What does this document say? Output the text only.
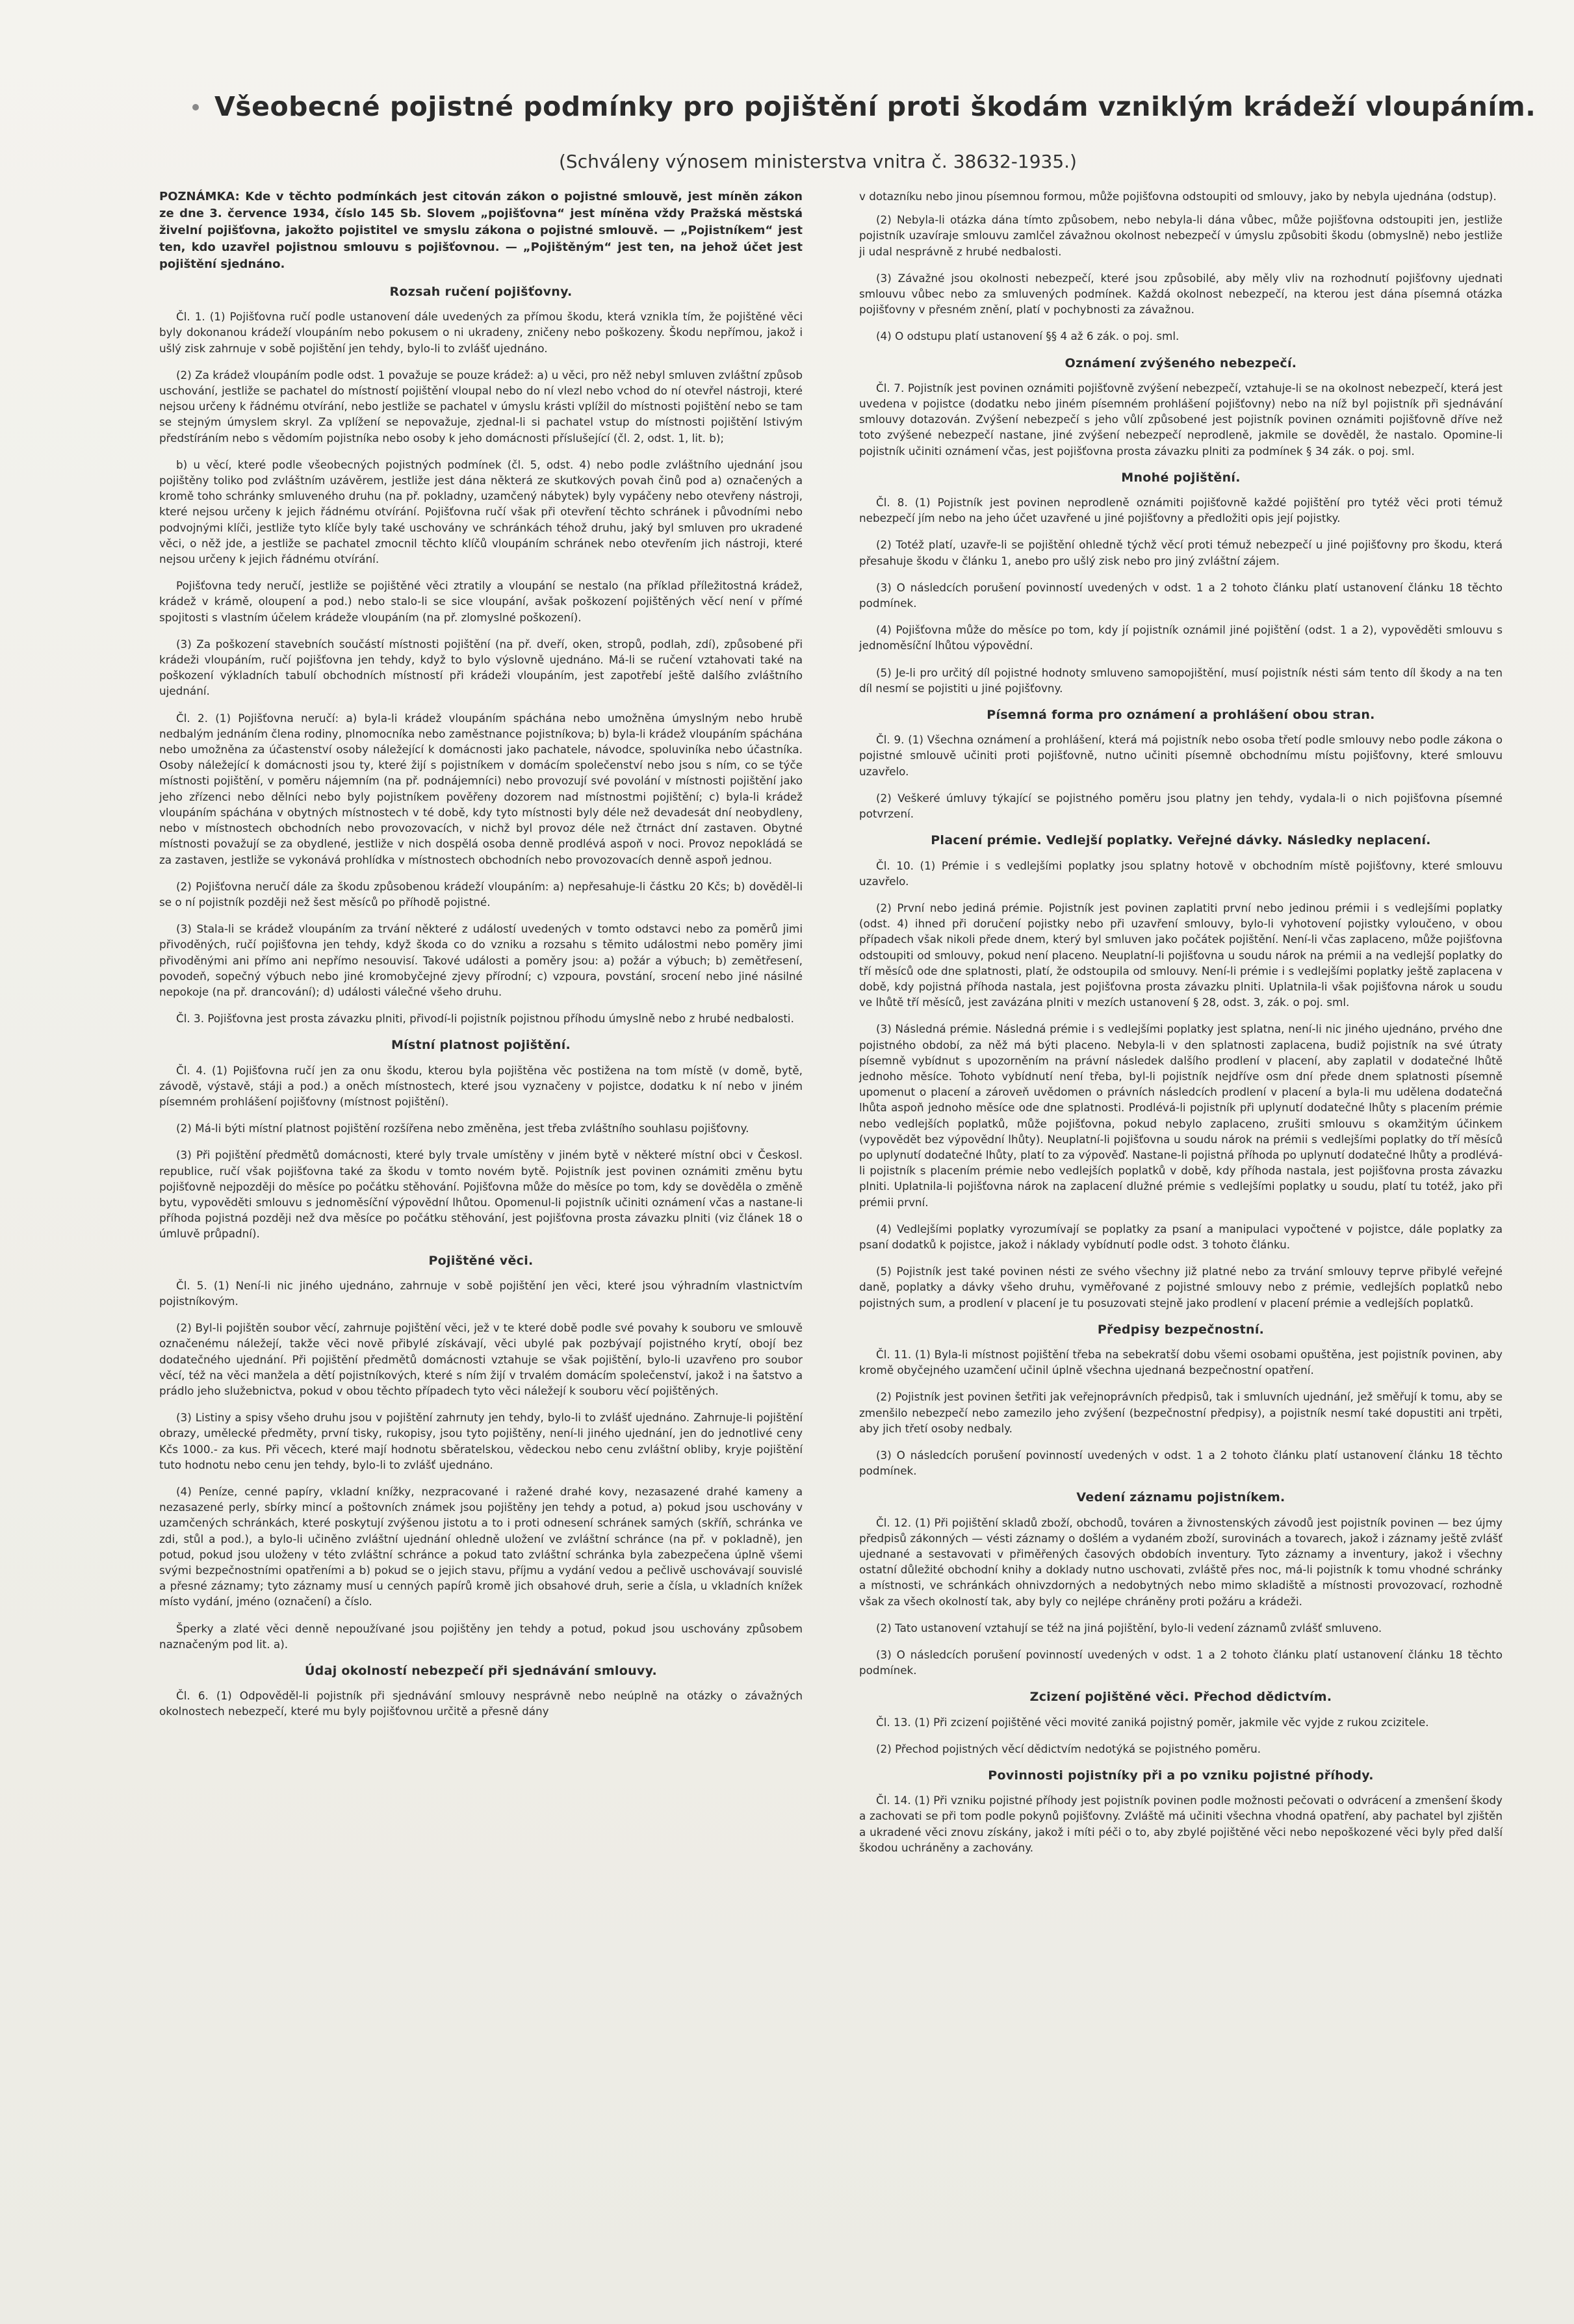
Všeobecné pojistné podmínky pro pojištění proti škodám vzniklým krádeží vloupáním.
(Schváleny výnosem ministerstva vnitra č. 38632-1935.)

POZNÁMKA: Kde v těchto podmínkách jest citován zákon o pojistné smlouvě, jest míněn zákon ze dne 3. července 1934, číslo 145 Sb. Slovem „pojišťovna“ jest míněna vždy Pražská městská živelní pojišťovna, jakožto pojistitel ve smyslu zákona o pojistné smlouvě. — „Pojistníkem“ jest ten, kdo uzavřel pojistnou smlouvu s pojišťovnou. — „Pojištěným“ jest ten, na jehož účet jest pojištění sjednáno.

Rozsah ručení pojišťovny.

Čl. 1. (1) Pojišťovna ručí podle ustanovení dále uvedených za přímou škodu, která vznikla tím, že pojištěné věci byly dokonanou krádeží vloupáním nebo pokusem o ni ukradeny, zničeny nebo poškozeny. Škodu nepřímou, jakož i ušlý zisk zahrnuje v sobě pojištění jen tehdy, bylo-li to zvlášť ujednáno.

(2) Za krádež vloupáním podle odst. 1 považuje se pouze krádež: a) u věci, pro něž nebyl smluven zvláštní způsob uschování, jestliže se pachatel do místností pojištění vloupal nebo do ní vlezl nebo vchod do ní otevřel nástroji, které nejsou určeny k řádnému otvírání, nebo jestliže se pachatel v úmyslu krásti vplížil do místnosti pojištění nebo se tam se stejným úmyslem skryl. Za vplížení se nepovažuje, zjednal-li si pachatel vstup do místnosti pojištění lstivým předstíráním nebo s vědomím pojistníka nebo osoby k jeho domácnosti příslušející (čl. 2, odst. 1, lit. b);

b) u věcí, které podle všeobecných pojistných podmínek (čl. 5, odst. 4) nebo podle zvláštního ujednání jsou pojištěny toliko pod zvláštním uzávěrem, jestliže jest dána některá ze skutkových povah činů pod a) označených a kromě toho schránky smluveného druhu (na př. pokladny, uzamčený nábytek) byly vypáčeny nebo otevřeny nástroji, které nejsou určeny k jejich řádnému otvírání. Pojišťovna ručí však při otevření těchto schránek i původními nebo podvojnými klíči, jestliže tyto klíče byly také uschovány ve schránkách téhož druhu, jaký byl smluven pro ukradené věci, o něž jde, a jestliže se pachatel zmocnil těchto klíčů vloupáním schránek nebo otevřením jich nástroji, které nejsou určeny k jejich řádnému otvírání.

Pojišťovna tedy neručí, jestliže se pojištěné věci ztratily a vloupání se nestalo (na příklad příležitostná krádež, krádež v krámě, oloupení a pod.) nebo stalo-li se sice vloupání, avšak poškození pojištěných věcí není v přímé spojitosti s vlastním účelem krádeže vloupáním (na př. zlomyslné poškození).

(3) Za poškození stavebních součástí místnosti pojištění (na př. dveří, oken, stropů, podlah, zdí), způsobené při krádeži vloupáním, ručí pojišťovna jen tehdy, když to bylo výslovně ujednáno. Má-li se ručení vztahovati také na poškození výkladních tabulí obchodních místností při krádeži vloupáním, jest zapotřebí ještě dalšího zvláštního ujednání.

Čl. 2. (1) Pojišťovna neručí: a) byla-li krádež vloupáním spáchána nebo umožněna úmyslným nebo hrubě nedbalým jednáním člena rodiny, plnomocníka nebo zaměstnance pojistníkova; b) byla-li krádež vloupáním spáchána nebo umožněna za účastenství osoby náležející k domácnosti jako pachatele, návodce, spoluviníka nebo účastníka. Osoby náležející k domácnosti jsou ty, které žijí s pojistníkem v domácím společenství nebo jsou s ním, co se týče místnosti pojištění, v poměru nájemním (na př. podnájemníci) nebo provozují své povolání v místnosti pojištění jako jeho zřízenci nebo dělníci nebo byly pojistníkem pověřeny dozorem nad místnostmi pojištění; c) byla-li krádež vloupáním spáchána v obytných místnostech v té době, kdy tyto místnosti byly déle než devadesát dní neobydleny, nebo v místnostech obchodních nebo provozovacích, v nichž byl provoz déle než čtrnáct dní zastaven. Obytné místnosti považují se za obydlené, jestliže v nich dospělá osoba denně prodlévá aspoň v noci. Provoz nepokládá se za zastaven, jestliže se vykonává prohlídka v místnostech obchodních nebo provozovacích denně aspoň jednou.

(2) Pojišťovna neručí dále za škodu způsobenou krádeží vloupáním: a) nepřesahuje-li částku 20 Kčs; b) dověděl-li se o ní pojistník později než šest měsíců po příhodě pojistné.

(3) Stala-li se krádež vloupáním za trvání některé z událostí uvedených v tomto odstavci nebo za poměrů jimi přivoděných, ručí pojišťovna jen tehdy, když škoda co do vzniku a rozsahu s těmito událostmi nebo poměry jimi přivoděnými ani přímo ani nepřímo nesouvisí. Takové události a poměry jsou: a) požár a výbuch; b) zemětřesení, povodeň, sopečný výbuch nebo jiné kromobyčejné zjevy přírodní; c) vzpoura, povstání, srocení nebo jiné násilné nepokoje (na př. drancování); d) události válečné všeho druhu.

Čl. 3. Pojišťovna jest prosta závazku plniti, přivodí-li pojistník pojistnou příhodu úmyslně nebo z hrubé nedbalosti.

Místní platnost pojištění.

Čl. 4. (1) Pojišťovna ručí jen za onu škodu, kterou byla pojištěna věc postižena na tom místě (v domě, bytě, závodě, výstavě, stáji a pod.) a oněch místnostech, které jsou vyznačeny v pojistce, dodatku k ní nebo v jiném písemném prohlášení pojišťovny (místnost pojištění).

(2) Má-li býti místní platnost pojištění rozšířena nebo změněna, jest třeba zvláštního souhlasu pojišťovny.

(3) Při pojištění předmětů domácnosti, které byly trvale umístěny v jiném bytě v některé místní obci v Českosl. republice, ručí však pojišťovna také za škodu v tomto novém bytě. Pojistník jest povinen oznámiti změnu bytu pojišťovně nejpozději do měsíce po počátku stěhování. Pojišťovna může do měsíce po tom, kdy se dověděla o změně bytu, vypověděti smlouvu s jednoměsíční výpovědní lhůtou. Opomenul-li pojistník učiniti oznámení včas a nastane-li příhoda pojistná později než dva měsíce po počátku stěhování, jest pojišťovna prosta závazku plniti (viz článek 18 o úmluvě průpadní).

Pojištěné věci.

Čl. 5. (1) Není-li nic jiného ujednáno, zahrnuje v sobě pojištění jen věci, které jsou výhradním vlastnictvím pojistníkovým.

(2) Byl-li pojištěn soubor věcí, zahrnuje pojištění věci, jež v te které době podle své povahy k souboru ve smlouvě označenému náležejí, takže věci nově přibylé získávají, věci ubylé pak pozbývají pojistného krytí, obojí bez dodatečného ujednání. Při pojištění předmětů domácnosti vztahuje se však pojištění, bylo-li uzavřeno pro soubor věcí, též na věci manžela a dětí pojistníkových, které s ním žijí v trvalém domácím společenství, jakož i na šatstvo a prádlo jeho služebnictva, pokud v obou těchto případech tyto věci náležejí k souboru věcí pojištěných.

(3) Listiny a spisy všeho druhu jsou v pojištění zahrnuty jen tehdy, bylo-li to zvlášť ujednáno. Zahrnuje-li pojištění obrazy, umělecké předměty, první tisky, rukopisy, jsou tyto pojištěny, není-li jiného ujednání, jen do jednotlivé ceny Kčs 1000.- za kus. Při věcech, které mají hodnotu sběratelskou, vědeckou nebo cenu zvláštní obliby, kryje pojištění tuto hodnotu nebo cenu jen tehdy, bylo-li to zvlášť ujednáno.

(4) Peníze, cenné papíry, vkladní knížky, nezpracované i ražené drahé kovy, nezasazené drahé kameny a nezasazené perly, sbírky mincí a poštovních známek jsou pojištěny jen tehdy a potud, a) pokud jsou uschovány v uzamčených schránkách, které poskytují zvýšenou jistotu a to i proti odnesení schránek samých (skříň, schránka ve zdi, stůl a pod.), a bylo-li učiněno zvláštní ujednání ohledně uložení ve zvláštní schránce (na př. v pokladně), jen potud, pokud jsou uloženy v této zvláštní schránce a pokud tato zvláštní schránka byla zabezpečena úplně všemi svými bezpečnostními opatřeními a b) pokud se o jejich stavu, příjmu a vydání vedou a pečlivě uschovávají souvislé a přesné záznamy; tyto záznamy musí u cenných papírů kromě jich obsahové druh, serie a čísla, u vkladních knížek místo vydání, jméno (označení) a číslo.

Šperky a zlaté věci denně nepoužívané jsou pojištěny jen tehdy a potud, pokud jsou uschovány způsobem naznačeným pod lit. a).

Údaj okolností nebezpečí při sjednávání smlouvy.

Čl. 6. (1) Odpověděl-li pojistník při sjednávání smlouvy nesprávně nebo neúplně na otázky o závažných okolnostech nebezpečí, které mu byly pojišťovnou určitě a přesně dány

v dotazníku nebo jinou písemnou formou, může pojišťovna odstoupiti od smlouvy, jako by nebyla ujednána (odstup).

(2) Nebyla-li otázka dána tímto způsobem, nebo nebyla-li dána vůbec, může pojišťovna odstoupiti jen, jestliže pojistník uzavíraje smlouvu zamlčel závažnou okolnost nebezpečí v úmyslu způsobiti škodu (obmyslně) nebo jestliže ji udal nesprávně z hrubé nedbalosti.

(3) Závažné jsou okolnosti nebezpečí, které jsou způsobilé, aby měly vliv na rozhodnutí pojišťovny ujednati smlouvu vůbec nebo za smluvených podmínek. Každá okolnost nebezpečí, na kterou jest dána písemná otázka pojišťovny v přesném znění, platí v pochybnosti za závažnou.

(4) O odstupu platí ustanovení §§ 4 až 6 zák. o poj. sml.

Oznámení zvýšeného nebezpečí.

Čl. 7. Pojistník jest povinen oznámiti pojišťovně zvýšení nebezpečí, vztahuje-li se na okolnost nebezpečí, která jest uvedena v pojistce (dodatku nebo jiném písemném prohlášení pojišťovny) nebo na níž byl pojistník při sjednávání smlouvy dotazován. Zvýšení nebezpečí s jeho vůlí způsobené jest pojistník povinen oznámiti pojišťovně dříve než toto zvýšené nebezpečí nastane, jiné zvýšení nebezpečí neprodleně, jakmile se dověděl, že nastalo. Opomine-li pojistník učiniti oznámení včas, jest pojišťovna prosta závazku plniti za podmínek § 34 zák. o poj. sml.

Mnohé pojištění.

Čl. 8. (1) Pojistník jest povinen neprodleně oznámiti pojišťovně každé pojištění pro tytéž věci proti témuž nebezpečí jím nebo na jeho účet uzavřené u jiné pojišťovny a předložiti opis její pojistky.

(2) Totéž platí, uzavře-li se pojištění ohledně týchž věcí proti témuž nebezpečí u jiné pojišťovny pro škodu, která přesahuje škodu v článku 1, anebo pro ušlý zisk nebo pro jiný zvláštní zájem.

(3) O následcích porušení povinností uvedených v odst. 1 a 2 tohoto článku platí ustanovení článku 18 těchto podmínek.

(4) Pojišťovna může do měsíce po tom, kdy jí pojistník oznámil jiné pojištění (odst. 1 a 2), vypověděti smlouvu s jednoměsíční lhůtou výpovědní.

(5) Je-li pro určitý díl pojistné hodnoty smluveno samopojištění, musí pojistník nésti sám tento díl škody a na ten díl nesmí se pojistiti u jiné pojišťovny.

Písemná forma pro oznámení a prohlášení obou stran.

Čl. 9. (1) Všechna oznámení a prohlášení, která má pojistník nebo osoba třetí podle smlouvy nebo podle zákona o pojistné smlouvě učiniti proti pojišťovně, nutno učiniti písemně obchodnímu místu pojišťovny, které smlouvu uzavřelo.

(2) Veškeré úmluvy týkající se pojistného poměru jsou platny jen tehdy, vydala-li o nich pojišťovna písemné potvrzení.

Placení prémie. Vedlejší poplatky. Veřejné dávky. Následky neplacení.

Čl. 10. (1) Prémie i s vedlejšími poplatky jsou splatny hotově v obchodním místě pojišťovny, které smlouvu uzavřelo.

(2) První nebo jediná prémie. Pojistník jest povinen zaplatiti první nebo jedinou prémii i s vedlejšími poplatky (odst. 4) ihned při doručení pojistky nebo při uzavření smlouvy, bylo-li vyhotovení pojistky vyloučeno, v obou případech však nikoli přede dnem, který byl smluven jako počátek pojištění. Není-li včas zaplaceno, může pojišťovna odstoupiti od smlouvy, pokud není placeno. Neuplatní-li pojišťovna u soudu nárok na prémii a na vedlejší poplatky do tří měsíců ode dne splatnosti, platí, že odstoupila od smlouvy. Není-li prémie i s vedlejšími poplatky ještě zaplacena v době, kdy pojistná příhoda nastala, jest pojišťovna prosta závazku plniti. Uplatnila-li však pojišťovna nárok u soudu ve lhůtě tří měsíců, jest zavázána plniti v mezích ustanovení § 28, odst. 3, zák. o poj. sml.

(3) Následná prémie. Následná prémie i s vedlejšími poplatky jest splatna, není-li nic jiného ujednáno, prvého dne pojistného období, za něž má býti placeno. Nebyla-li v den splatnosti zaplacena, budiž pojistník na své útraty písemně vybídnut s upozorněním na právní následek dalšího prodlení v placení, aby zaplatil v dodatečné lhůtě jednoho měsíce. Tohoto vybídnutí není třeba, byl-li pojistník nejdříve osm dní přede dnem splatnosti písemně upomenut o placení a zároveň uvědomen o právních následcích prodlení v placení a byla-li mu udělena dodatečná lhůta aspoň jednoho měsíce ode dne splatnosti. Prodlévá-li pojistník při uplynutí dodatečné lhůty s placením prémie nebo vedlejších poplatků, může pojišťovna, pokud nebylo zaplaceno, zrušiti smlouvu s okamžitým účinkem (vypovědět bez výpovědní lhůty). Neuplatní-li pojišťovna u soudu nárok na prémii s vedlejšími poplatky do tří měsíců po uplynutí dodatečné lhůty, platí to za výpověď. Nastane-li pojistná příhoda po uplynutí dodatečné lhůty a prodlévá-li pojistník s placením prémie nebo vedlejších poplatků v době, kdy příhoda nastala, jest pojišťovna prosta závazku plniti. Uplatnila-li pojišťovna nárok na zaplacení dlužné prémie s vedlejšími poplatky u soudu, platí tu totéž, jako při prémii první.

(4) Vedlejšími poplatky vyrozumívají se poplatky za psaní a manipulaci vypočtené v pojistce, dále poplatky za psaní dodatků k pojistce, jakož i náklady vybídnutí podle odst. 3 tohoto článku.

(5) Pojistník jest také povinen nésti ze svého všechny již platné nebo za trvání smlouvy teprve přibylé veřejné daně, poplatky a dávky všeho druhu, vyměřované z pojistné smlouvy nebo z prémie, vedlejších poplatků nebo pojistných sum, a prodlení v placení je tu posuzovati stejně jako prodlení v placení prémie a vedlejších poplatků.

Předpisy bezpečnostní.

Čl. 11. (1) Byla-li místnost pojištění třeba na sebekratší dobu všemi osobami opuštěna, jest pojistník povinen, aby kromě obyčejného uzamčení učinil úplně všechna ujednaná bezpečnostní opatření.

(2) Pojistník jest povinen šetřiti jak veřejnoprávních předpisů, tak i smluvních ujednání, jež směřují k tomu, aby se zmenšilo nebezpečí nebo zamezilo jeho zvýšení (bezpečnostní předpisy), a pojistník nesmí také dopustiti ani trpěti, aby jich třetí osoby nedbaly.

(3) O následcích porušení povinností uvedených v odst. 1 a 2 tohoto článku platí ustanovení článku 18 těchto podmínek.

Vedení záznamu pojistníkem.

Čl. 12. (1) Při pojištění skladů zboží, obchodů, továren a živnostenských závodů jest pojistník povinen — bez újmy předpisů zákonných — vésti záznamy o došlém a vydaném zboží, surovinách a tovarech, jakož i záznamy ještě zvlášť ujednané a sestavovati v přiměřených časových obdobích inventury. Tyto záznamy a inventury, jakož i všechny ostatní důležité obchodní knihy a doklady nutno uschovati, zvláště přes noc, má-li pojistník k tomu vhodné schránky a místnosti, ve schránkách ohnivzdorných a nedobytných nebo mimo skladiště a místnosti provozovací, rozhodně však za všech okolností tak, aby byly co nejlépe chráněny proti požáru a krádeži.

(2) Tato ustanovení vztahují se též na jiná pojištění, bylo-li vedení záznamů zvlášť smluveno.

(3) O následcích porušení povinností uvedených v odst. 1 a 2 tohoto článku platí ustanovení článku 18 těchto podmínek.

Zcizení pojištěné věci. Přechod dědictvím.

Čl. 13. (1) Při zcizení pojištěné věci movité zaniká pojistný poměr, jakmile věc vyjde z rukou zcizitele.

(2) Přechod pojistných věcí dědictvím nedotýká se pojistného poměru.

Povinnosti pojistníky při a po vzniku pojistné příhody.

Čl. 14. (1) Při vzniku pojistné příhody jest pojistník povinen podle možnosti pečovati o odvrácení a zmenšení škody a zachovati se při tom podle pokynů pojišťovny. Zvláště má učiniti všechna vhodná opatření, aby pachatel byl zjištěn a ukradené věci znovu získány, jakož i míti péči o to, aby zbylé pojištěné věci nebo nepoškozené věci byly před další škodou uchráněny a zachovány.
